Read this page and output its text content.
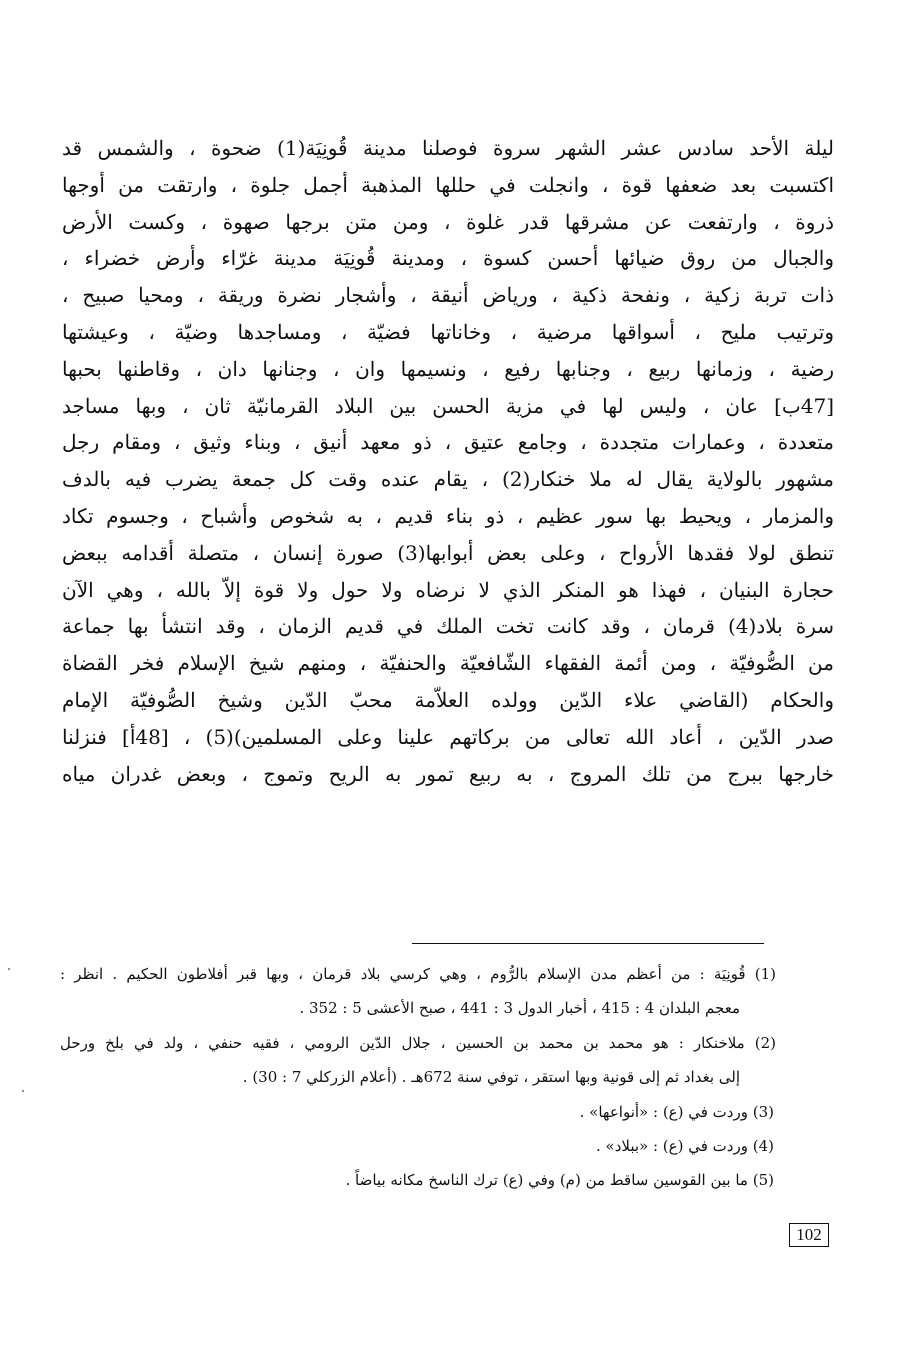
ليلة الأحد سادس عشر الشهر سروة فوصلنا مدينة قُونِيَة(1) ضحوة ، والشمس قد
اكتسبت بعد ضعفها قوة ، وانجلت في حللها المذهبة أجمل جلوة ، وارتقت من أوجها
ذروة ، وارتفعت عن مشرقها قدر غلوة ، ومن متن برجها صهوة ، وكست الأرض
والجبال من روق ضيائها أحسن كسوة ، ومدينة قُونِيَة مدينة غرّاء وأرض خضراء ،
ذات تربة زكية ، ونفحة ذكية ، ورياض أنيقة ، وأشجار نضرة وريقة ، ومحيا صبيح ،
وترتيب مليح ، أسواقها مرضية ، وخاناتها فضيّة ، ومساجدها وضيّة ، وعيشتها
رضية ، وزمانها ربيع ، وجنابها رفيع ، ونسيمها وان ، وجنانها دان ، وقاطنها بحبها
[47ب] عان ، وليس لها في مزية الحسن بين البلاد القرمانيّة ثان ، وبها مساجد
متعددة ، وعمارات متجددة ، وجامع عتيق ، ذو معهد أنيق ، وبناء وثيق ، ومقام رجل
مشهور بالولاية يقال له ملا خنكار(2) ، يقام عنده وقت كل جمعة يضرب فيه بالدف
والمزمار ، ويحيط بها سور عظيم ، ذو بناء قديم ، به شخوص وأشباح ، وجسوم تكاد
تنطق لولا فقدها الأرواح ، وعلى بعض أبوابها(3) صورة إنسان ، متصلة أقدامه ببعض
حجارة البنيان ، فهذا هو المنكر الذي لا نرضاه ولا حول ولا قوة إلاّ بالله ، وهي الآن
سرة بلاد(4) قرمان ، وقد كانت تخت الملك في قديم الزمان ، وقد انتشأ بها جماعة
من الصُّوفيّة ، ومن أئمة الفقهاء الشّافعيّة والحنفيّة ، ومنهم شيخ الإسلام فخر القضاة
والحكام (القاضي علاء الدّين وولده العلاّمة محبّ الدّين وشيخ الصُّوفيّة الإمام
صدر الدّين ، أعاد الله تعالى من بركاتهم علينا وعلى المسلمين)(5) ، [48أ] فنزلنا
خارجها ببرج من تلك المروج ، به ربيع تمور به الريح وتموج ، وبعض غدران مياه
(1) قُونِيَة : من أعظم مدن الإسلام بالرُّوم ، وهي كرسي بلاد قرمان ، وبها قبر أفلاطون الحكيم . انظر :
معجم البلدان 4 : 415 ، أخبار الدول 3 : 441 ، صبح الأعشى 5 : 352 .
(2) ملاخنكار : هو محمد بن محمد بن الحسين ، جلال الدّين الرومي ، فقيه حنفي ، ولد في بلخ ورحل
إلى بغداد ثم إلى قونية وبها استقر ، توفي سنة 672هـ . (أعلام الزركلي 7 : 30) .
(3) وردت في (ع) : «أنواعها» .
(4) وردت في (ع) : «ببلاد» .
(5) ما بين القوسين ساقط من (م) وفي (ع) ترك الناسخ مكانه بياضاً .
102
